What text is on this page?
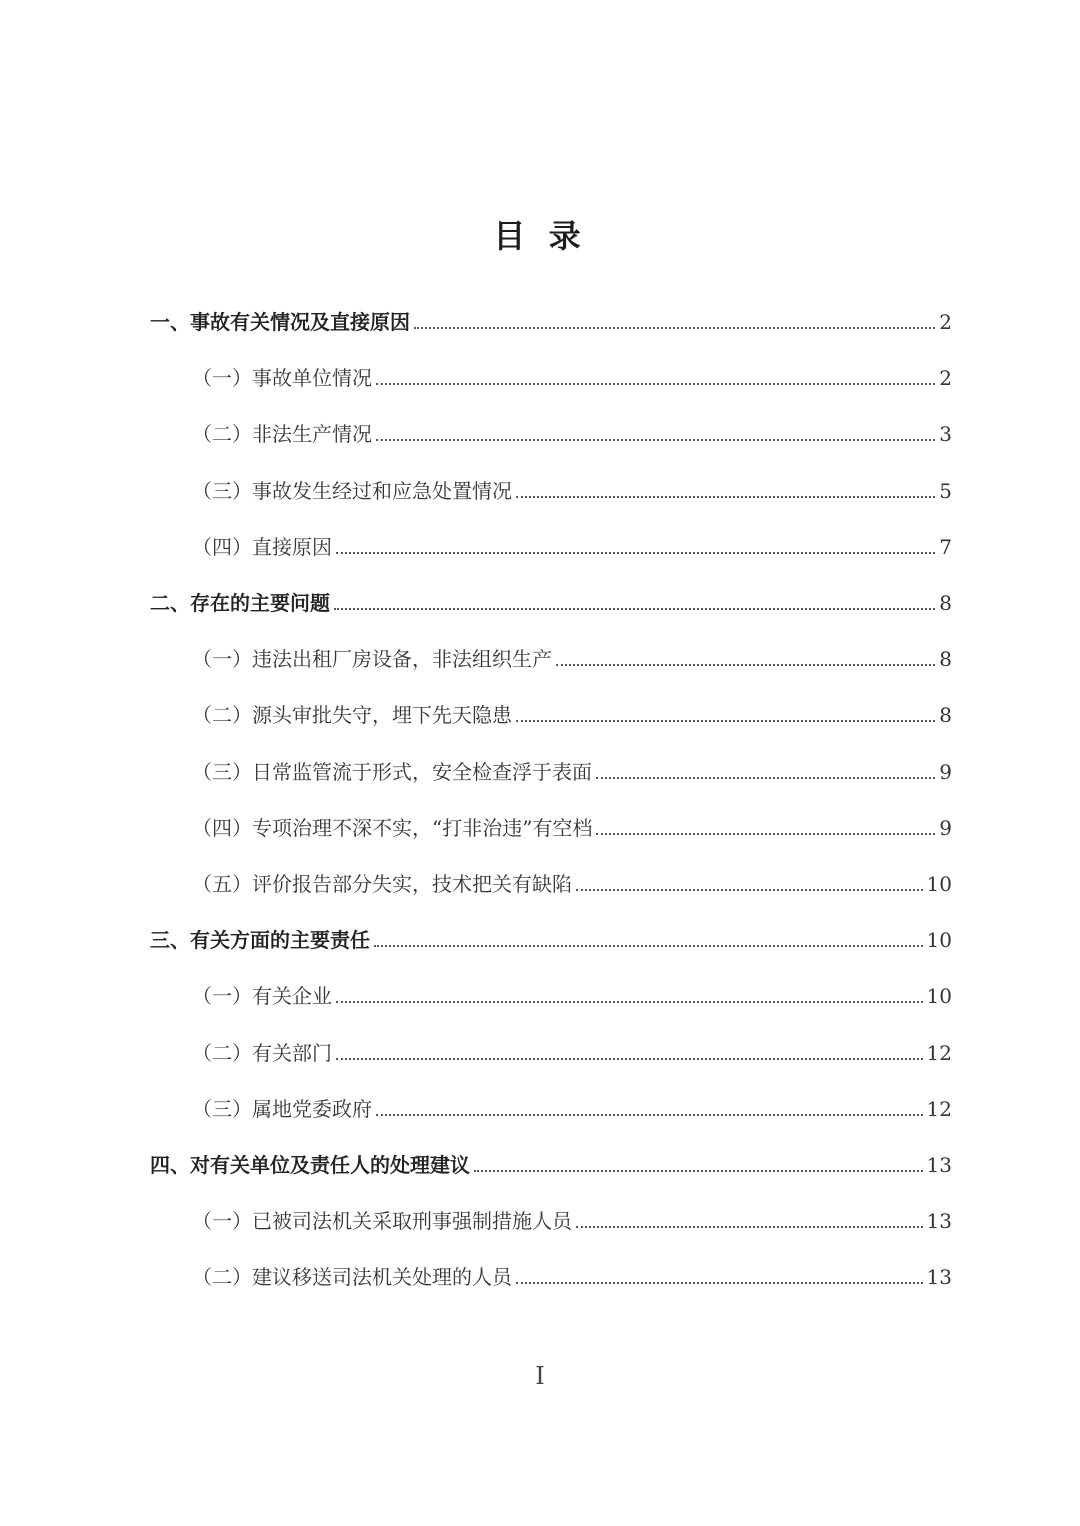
目 录
一、事故有关情况及直接原因	2
（一）事故单位情况	2
（二）非法生产情况	3
（三）事故发生经过和应急处置情况	5
（四）直接原因	7
二、存在的主要问题	8
（一）违法出租厂房设备，非法组织生产	8
（二）源头审批失守，埋下先天隐患	8
（三）日常监管流于形式，安全检查浮于表面	9
（四）专项治理不深不实，“打非治违”有空档	9
（五）评价报告部分失实，技术把关有缺陷	10
三、有关方面的主要责任	10
（一）有关企业	10
（二）有关部门	12
（三）属地党委政府	12
四、对有关单位及责任人的处理建议	13
（一）已被司法机关采取刑事强制措施人员	13
（二）建议移送司法机关处理的人员	13
I
